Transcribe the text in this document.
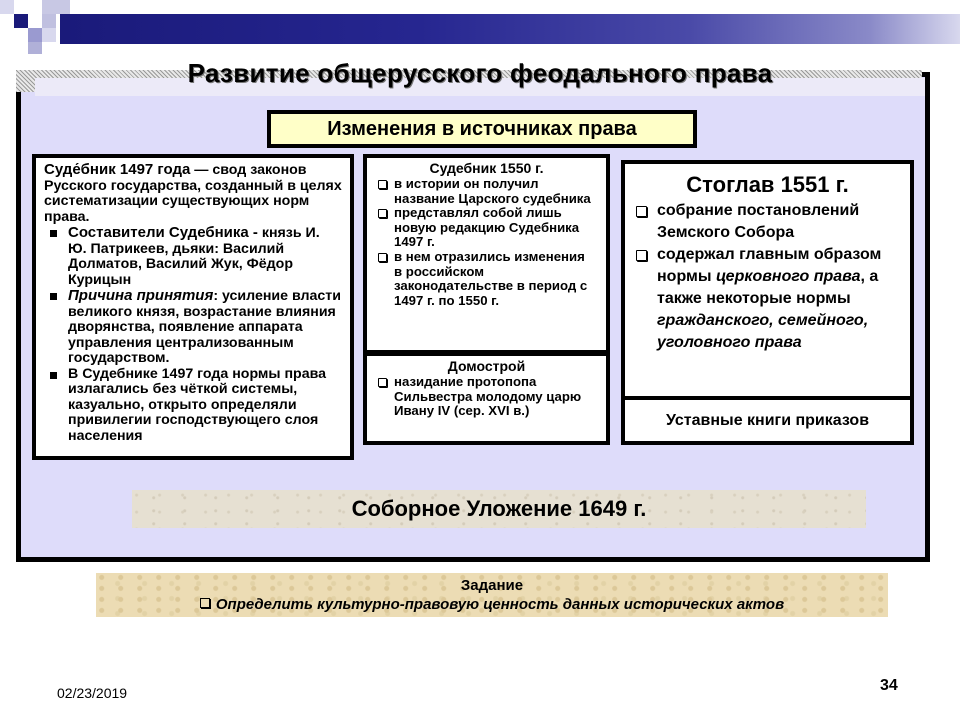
Развитие общерусского феодального права
Изменения в источниках права
Суде́бник 1497 года — свод законов Русского государства, созданный в целях систематизации существующих норм права.
Составители Судебника - князь И. Ю. Патрикеев, дьяки: Василий Долматов, Василий Жук, Фёдор Курицын
Причина принятия: усиление власти великого князя, возрастание влияния дворянства, появление аппарата управления централизованным государством.
В Судебнике 1497 года нормы права излагались без чёткой системы, казуально, открыто определяли привилегии господствующего слоя населения
Судебник 1550 г.
в истории он получил название Царского судебника
представлял собой лишь новую редакцию Судебника 1497 г.
в нем отразились изменения в российском законодательстве в период с 1497 г. по 1550 г.
Домострой
назидание протопопа Сильвестра молодому царю Ивану IV (сер. XVI в.)
Стоглав 1551 г.
собрание постановлений Земского Собора
содержал главным образом нормы церковного права, а также некоторые нормы гражданского, семейного, уголовного права
Уставные книги приказов
Соборное Уложение 1649 г.
Задание
Определить культурно-правовую ценность данных исторических актов
02/23/2019	34
